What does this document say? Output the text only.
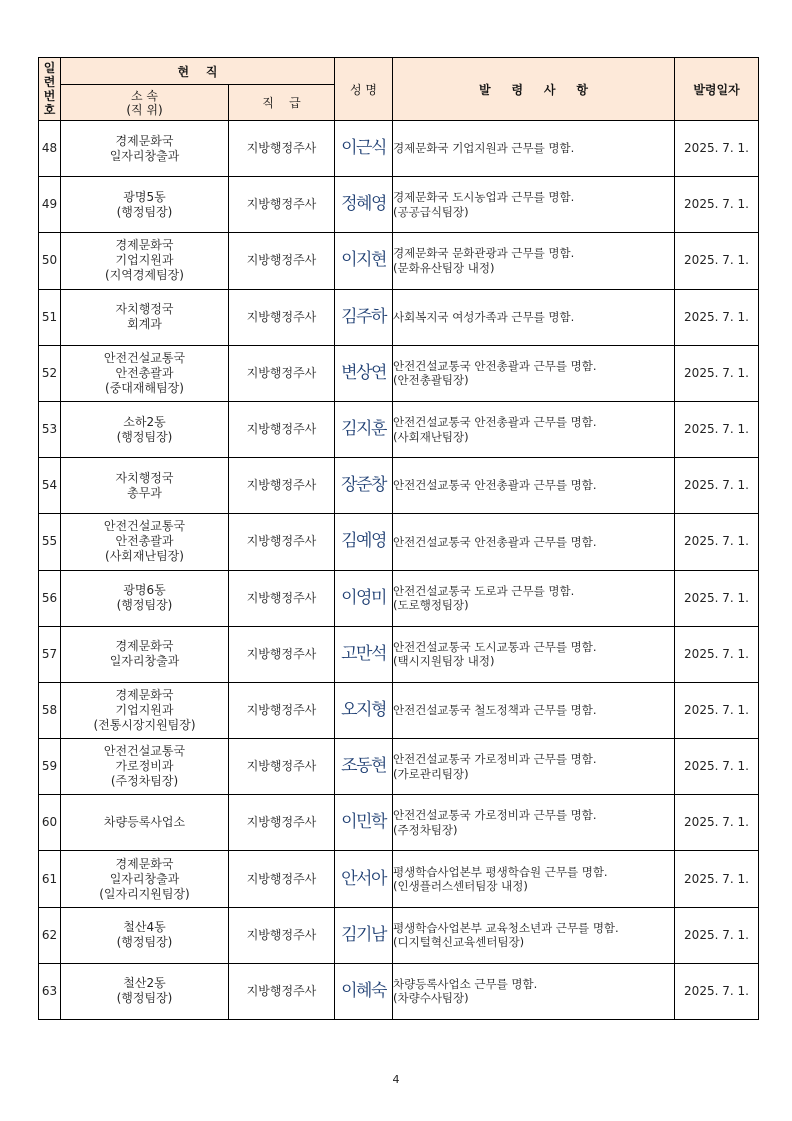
일
련
번
호	현    직		성 명	발     령     사     항	발령일자
	소 속
(직 위)	직    급			
48	경제문화국
일자리창출과	지방행정주사	이근식	경제문화국 기업지원과 근무를 명함.	2025. 7. 1.
49	광명5동
(행정팀장)	지방행정주사	정혜영	경제문화국 도시농업과 근무를 명함.
(공공급식팀장)	2025. 7. 1.
50	경제문화국
기업지원과
(지역경제팀장)	지방행정주사	이지현	경제문화국 문화관광과 근무를 명함.
(문화유산팀장 내정)	2025. 7. 1.
51	자치행정국
회계과	지방행정주사	김주하	사회복지국 여성가족과 근무를 명함.	2025. 7. 1.
52	안전건설교통국
안전총괄과
(중대재해팀장)	지방행정주사	변상연	안전건설교통국 안전총괄과 근무를 명함.
(안전총괄팀장)	2025. 7. 1.
53	소하2동
(행정팀장)	지방행정주사	김지훈	안전건설교통국 안전총괄과 근무를 명함.
(사회재난팀장)	2025. 7. 1.
54	자치행정국
총무과	지방행정주사	장준창	안전건설교통국 안전총괄과 근무를 명함.	2025. 7. 1.
55	안전건설교통국
안전총괄과
(사회재난팀장)	지방행정주사	김예영	안전건설교통국 안전총괄과 근무를 명함.	2025. 7. 1.
56	광명6동
(행정팀장)	지방행정주사	이영미	안전건설교통국 도로과 근무를 명함.
(도로행정팀장)	2025. 7. 1.
57	경제문화국
일자리창출과	지방행정주사	고만석	안전건설교통국 도시교통과 근무를 명함.
(택시지원팀장 내정)	2025. 7. 1.
58	경제문화국
기업지원과
(전통시장지원팀장)	지방행정주사	오지형	안전건설교통국 철도정책과 근무를 명함.	2025. 7. 1.
59	안전건설교통국
가로정비과
(주정차팀장)	지방행정주사	조동현	안전건설교통국 가로정비과 근무를 명함.
(가로관리팀장)	2025. 7. 1.
60	차량등록사업소	지방행정주사	이민학	안전건설교통국 가로정비과 근무를 명함.
(주정차팀장)	2025. 7. 1.
61	경제문화국
일자리창출과
(일자리지원팀장)	지방행정주사	안서아	평생학습사업본부 평생학습원 근무를 명함.
(인생플러스센터팀장 내정)	2025. 7. 1.
62	철산4동
(행정팀장)	지방행정주사	김기남	평생학습사업본부 교육청소년과 근무를 명함.
(디지털혁신교육센터팀장)	2025. 7. 1.
63	철산2동
(행정팀장)	지방행정주사	이혜숙	차량등록사업소 근무를 명함.
(차량수사팀장)	2025. 7. 1.
4
